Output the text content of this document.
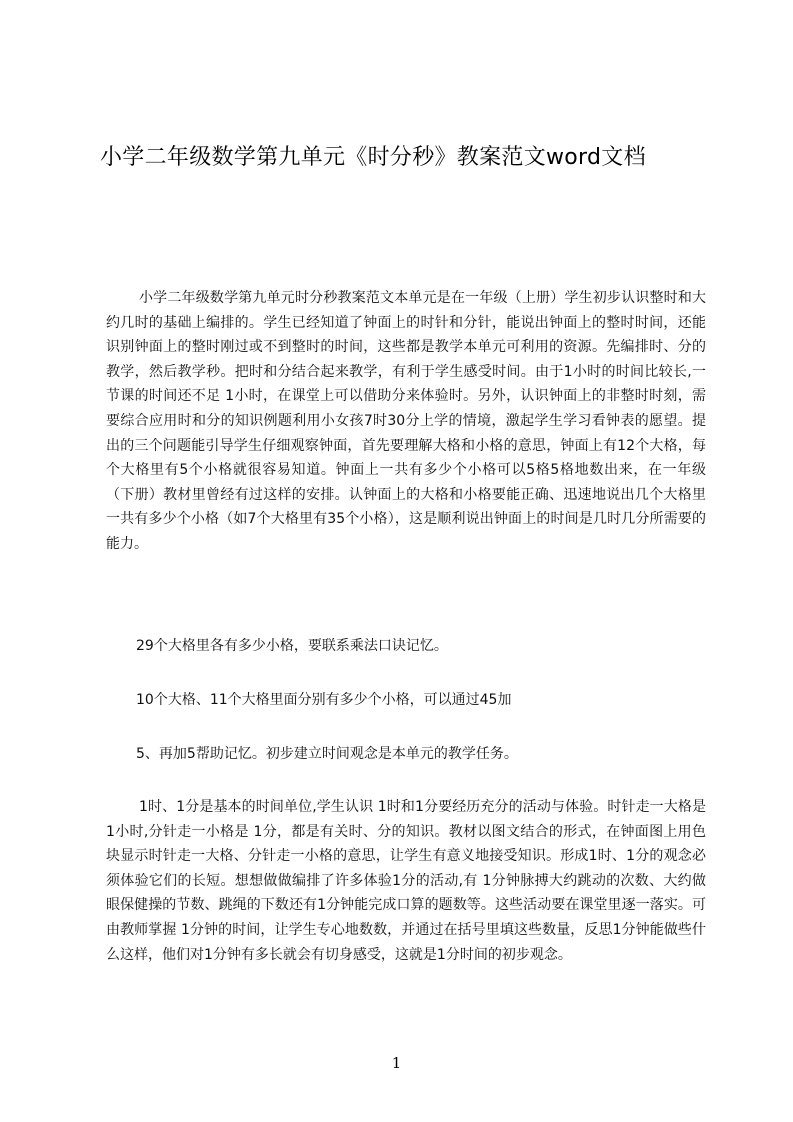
小学二年级数学第九单元《时分秒》教案范文word文档
小学二年级数学第九单元时分秒教案范文本单元是在一年级（上册）学生初步认识整时和大约几时的基础上编排的。学生已经知道了钟面上的时针和分针，能说出钟面上的整时时间，还能识别钟面上的整时刚过或不到整时的时间，这些都是教学本单元可利用的资源。先编排时、分的教学，然后教学秒。把时和分结合起来教学，有利于学生感受时间。由于1小时的时间比较长,一节课的时间还不足 1小时，在课堂上可以借助分来体验时。另外，认识钟面上的非整时时刻，需要综合应用时和分的知识例题利用小女孩7时30分上学的情境，激起学生学习看钟表的愿望。提出的三个问题能引导学生仔细观察钟面，首先要理解大格和小格的意思，钟面上有12个大格，每个大格里有5个小格就很容易知道。钟面上一共有多少个小格可以5格5格地数出来，在一年级（下册）教材里曾经有过这样的安排。认钟面上的大格和小格要能正确、迅速地说出几个大格里一共有多少个小格（如7个大格里有35个小格），这是顺利说出钟面上的时间是几时几分所需要的能力。
29个大格里各有多少小格，要联系乘法口诀记忆。
10个大格、11个大格里面分别有多少个小格，可以通过45加
5、再加5帮助记忆。初步建立时间观念是本单元的教学任务。
1时、1分是基本的时间单位,学生认识 1时和1分要经历充分的活动与体验。时针走一大格是1小时,分针走一小格是 1分，都是有关时、分的知识。教材以图文结合的形式，在钟面图上用色块显示时针走一大格、分针走一小格的意思，让学生有意义地接受知识。形成1时、1分的观念必须体验它们的长短。想想做做编排了许多体验1分的活动,有 1分钟脉搏大约跳动的次数、大约做眼保健操的节数、跳绳的下数还有1分钟能完成口算的题数等。这些活动要在课堂里逐一落实。可由教师掌握 1分钟的时间，让学生专心地数数，并通过在括号里填这些数量，反思1分钟能做些什么这样，他们对1分钟有多长就会有切身感受，这就是1分时间的初步观念。
1
